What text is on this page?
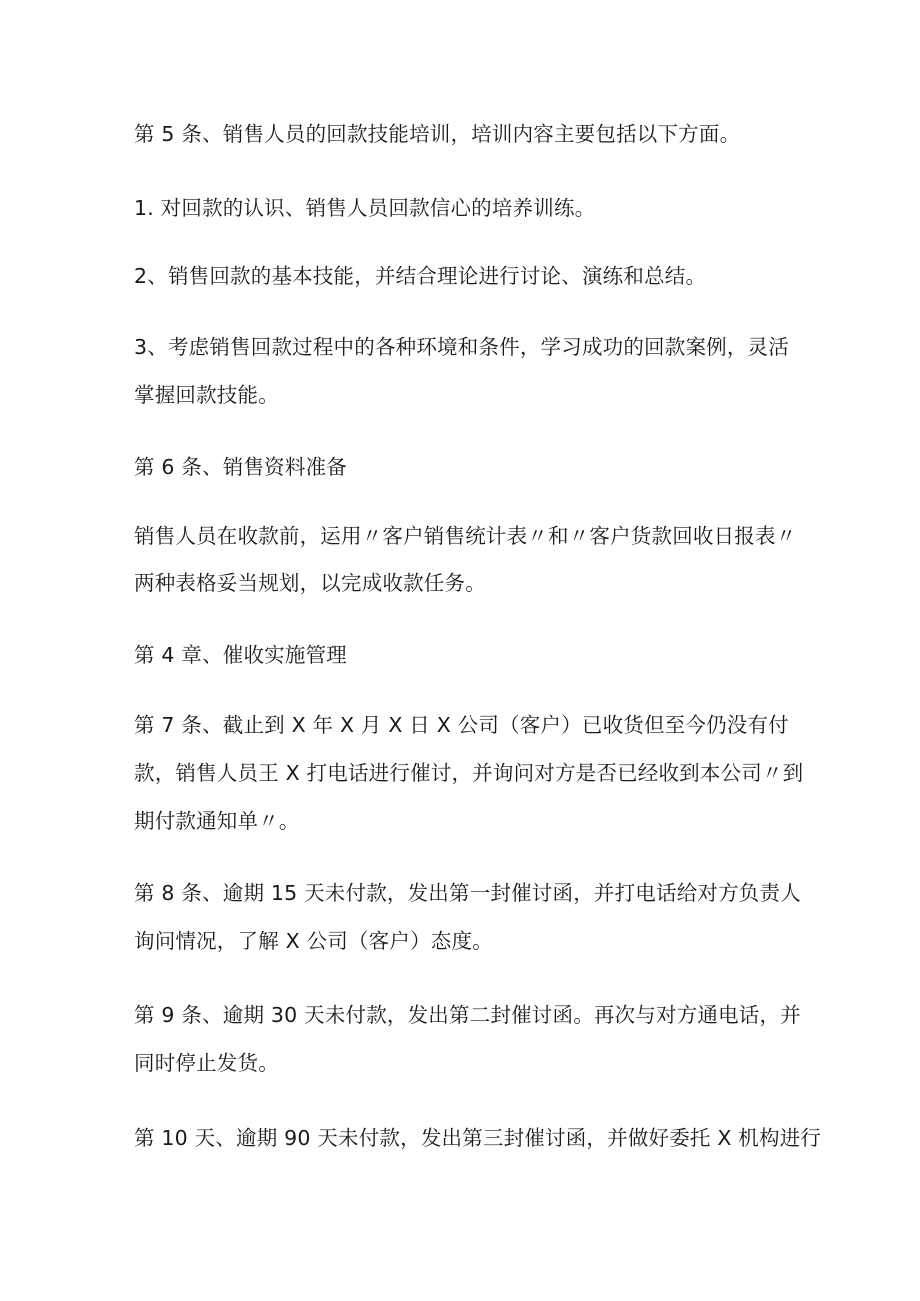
第 5 条、销售人员的回款技能培训，培训内容主要包括以下方面。
1. 对回款的认识、销售人员回款信心的培养训练。
2、销售回款的基本技能，并结合理论进行讨论、演练和总结。
3、考虑销售回款过程中的各种环境和条件，学习成功的回款案例，灵活
掌握回款技能。
第 6 条、销售资料准备
销售人员在收款前，运用〃客户销售统计表〃和〃客户货款回收日报表〃
两种表格妥当规划，以完成收款任务。
第 4 章、催收实施管理
第 7 条、截止到 X 年 X 月 X 日 X 公司（客户）已收货但至今仍没有付
款，销售人员王 X 打电话进行催讨，并询问对方是否已经收到本公司〃到
期付款通知单〃。
第 8 条、逾期 15 天未付款，发出第一封催讨函，并打电话给对方负责人
询问情况，了解 X 公司（客户）态度。
第 9 条、逾期 30 天未付款，发出第二封催讨函。再次与对方通电话，并
同时停止发货。
第 10 天、逾期 90 天未付款，发出第三封催讨函，并做好委托 X 机构进行
